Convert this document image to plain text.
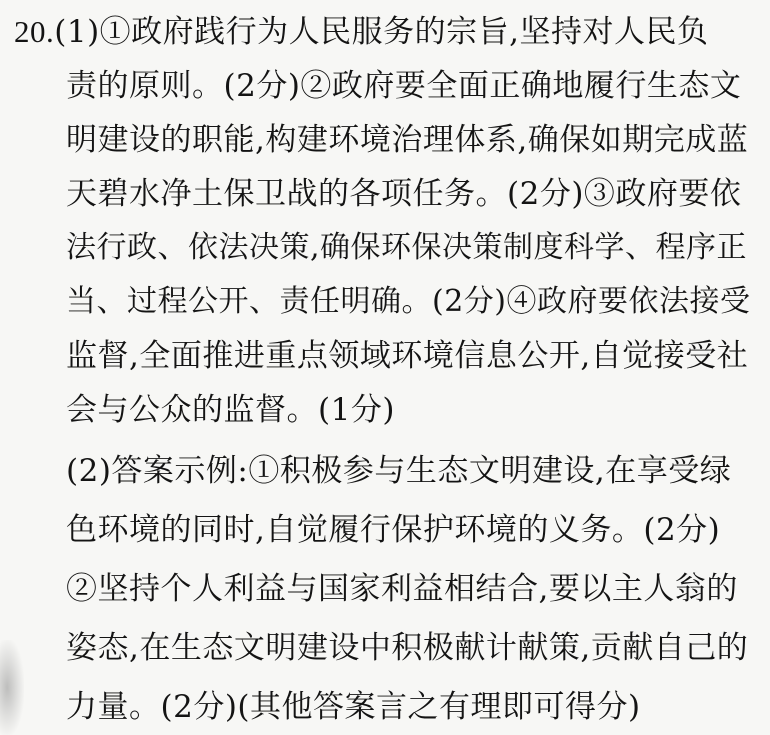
20.(1)①政府践行为人民服务的宗旨,坚持对人民负
责的原则。(2分)②政府要全面正确地履行生态文
明建设的职能,构建环境治理体系,确保如期完成蓝
天碧水净土保卫战的各项任务。(2分)③政府要依
法行政、依法决策,确保环保决策制度科学、程序正
当、过程公开、责任明确。(2分)④政府要依法接受
监督,全面推进重点领域环境信息公开,自觉接受社
会与公众的监督。(1分)
(2)答案示例:①积极参与生态文明建设,在享受绿
色环境的同时,自觉履行保护环境的义务。(2分)
②坚持个人利益与国家利益相结合,要以主人翁的
姿态,在生态文明建设中积极献计献策,贡献自己的
力量。(2分)(其他答案言之有理即可得分)
